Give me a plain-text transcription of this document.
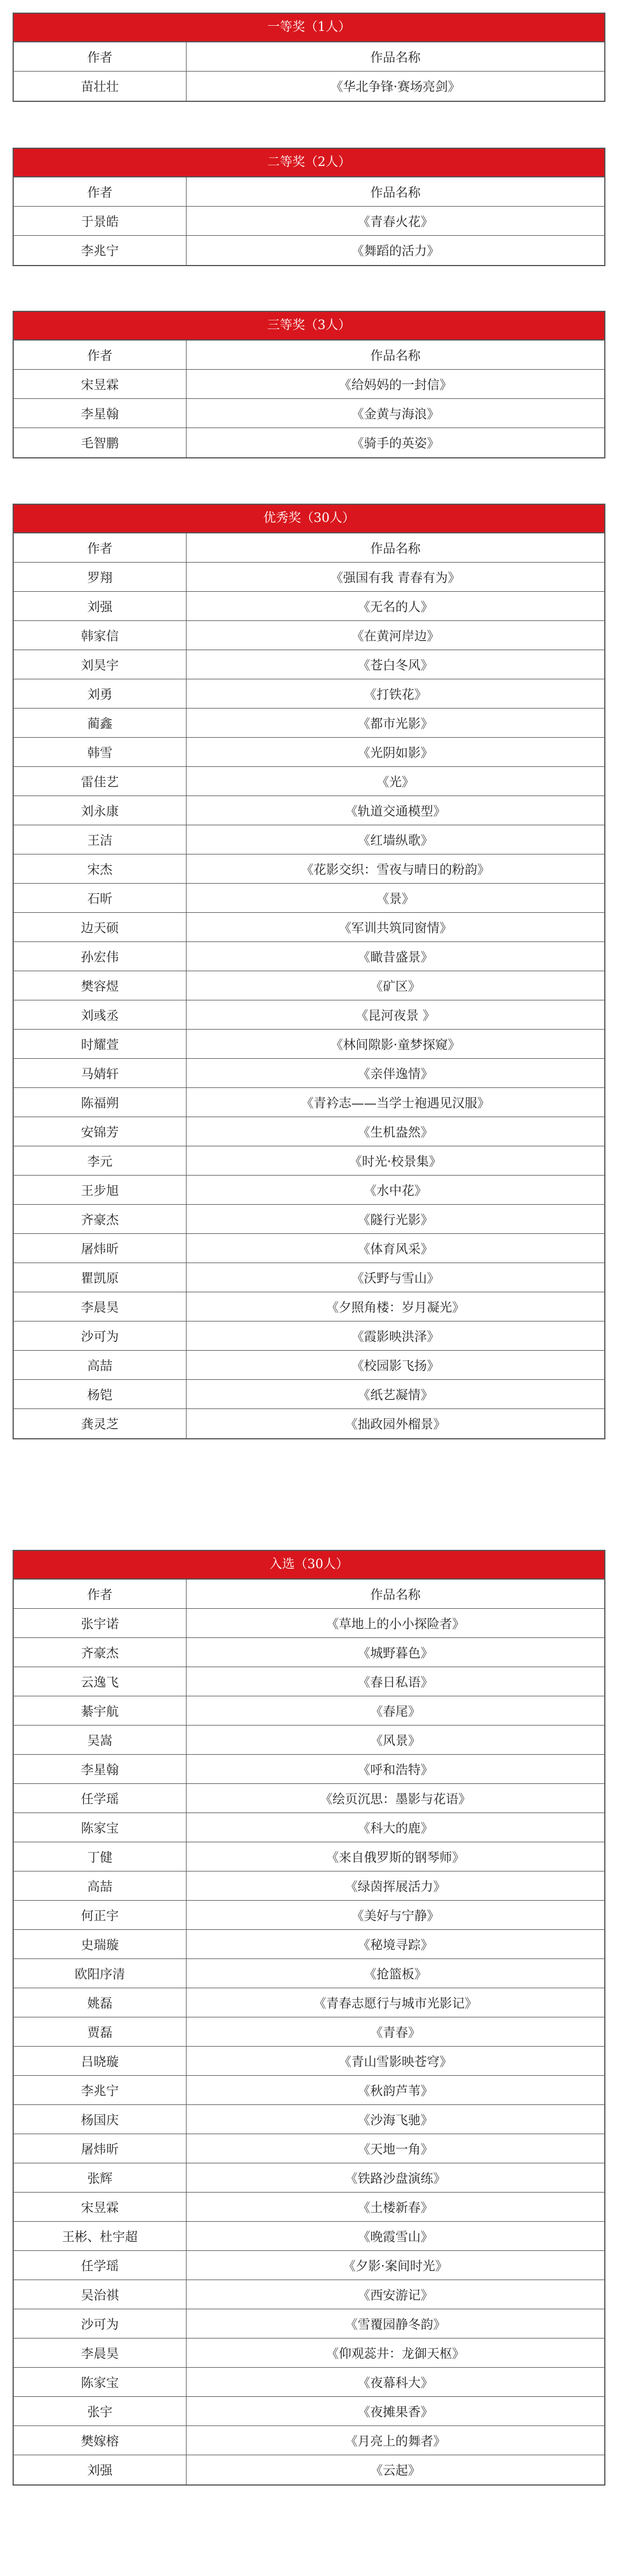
一等奖（1人）
作者	作品名称
苗壮壮	《华北争锋·赛场亮剑》
二等奖（2人）
作者	作品名称
于景皓	《青春火花》
李兆宁	《舞蹈的活力》
三等奖（3人）
作者	作品名称
宋昱霖	《给妈妈的一封信》
李星翰	《金黄与海浪》
毛智鹏	《骑手的英姿》
优秀奖（30人）
作者	作品名称
罗翔	《强国有我 青春有为》
刘强	《无名的人》
韩家信	《在黄河岸边》
刘昊宇	《苍白冬风》
刘勇	《打铁花》
蔺鑫	《都市光影》
韩雪	《光阴如影》
雷佳艺	《光》
刘永康	《轨道交通模型》
王洁	《红墙纵歌》
宋杰	《花影交织：雪夜与晴日的粉韵》
石昕	《景》
边天硕	《军训共筑同窗情》
孙宏伟	《瞰昔盛景》
樊容煜	《矿区》
刘彧丞	《昆河夜景 》
时耀萱	《林间隙影·童梦探窥》
马婧轩	《亲伴逸情》
陈福朔	《青衿志——当学士袍遇见汉服》
安锦芳	《生机盎然》
李元	《时光·校景集》
王步旭	《水中花》
齐豪杰	《隧行光影》
屠炜昕	《体育风采》
瞿凯原	《沃野与雪山》
李晨昊	《夕照角楼：岁月凝光》
沙可为	《霞影映洪泽》
高喆	《校园影飞扬》
杨铠	《纸艺凝情》
龚灵芝	《拙政园外榴景》
入选（30人）
作者	作品名称
张宇诺	《草地上的小小探险者》
齐豪杰	《城野暮色》
云逸飞	《春日私语》
綦宇航	《春尾》
吴嵩	《风景》
李星翰	《呼和浩特》
任学瑶	《绘页沉思：墨影与花语》
陈家宝	《科大的鹿》
丁健	《来自俄罗斯的钢琴师》
高喆	《绿茵挥展活力》
何正宇	《美好与宁静》
史瑞璇	《秘境寻踪》
欧阳序清	《抢篮板》
姚磊	《青春志愿行与城市光影记》
贾磊	《青春》
吕晓璇	《青山雪影映苍穹》
李兆宁	《秋韵芦苇》
杨国庆	《沙海飞驰》
屠炜昕	《天地一角》
张辉	《铁路沙盘演练》
宋昱霖	《土楼新春》
王彬、杜宇超	《晚霞雪山》
任学瑶	《夕影·案间时光》
吴治祺	《西安游记》
沙可为	《雪覆园静冬韵》
李晨昊	《仰观蕊井：龙御天枢》
陈家宝	《夜幕科大》
张宇	《夜摊果香》
樊嫁榕	《月亮上的舞者》
刘强	《云起》
